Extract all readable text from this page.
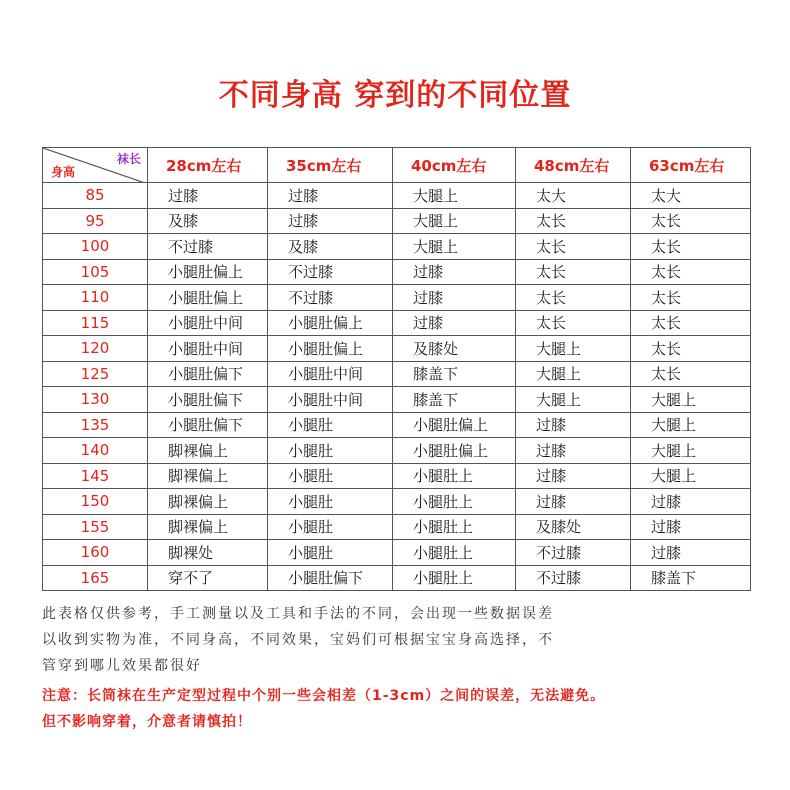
不同身高 穿到的不同位置
袜长
身高	28cm左右	35cm左右	40cm左右	48cm左右	63cm左右
85	过膝	过膝	大腿上	太大	太大
95	及膝	过膝	大腿上	太长	太长
100	不过膝	及膝	大腿上	太长	太长
105	小腿肚偏上	不过膝	过膝	太长	太长
110	小腿肚偏上	不过膝	过膝	太长	太长
115	小腿肚中间	小腿肚偏上	过膝	太长	太长
120	小腿肚中间	小腿肚偏上	及膝处	大腿上	太长
125	小腿肚偏下	小腿肚中间	膝盖下	大腿上	太长
130	小腿肚偏下	小腿肚中间	膝盖下	大腿上	大腿上
135	小腿肚偏下	小腿肚	小腿肚偏上	过膝	大腿上
140	脚裸偏上	小腿肚	小腿肚偏上	过膝	大腿上
145	脚裸偏上	小腿肚	小腿肚上	过膝	大腿上
150	脚裸偏上	小腿肚	小腿肚上	过膝	过膝
155	脚裸偏上	小腿肚	小腿肚上	及膝处	过膝
160	脚裸处	小腿肚	小腿肚上	不过膝	过膝
165	穿不了	小腿肚偏下	小腿肚上	不过膝	膝盖下
此表格仅供参考，手工测量以及工具和手法的不同，会出现一些数据误差
以收到实物为准，不同身高，不同效果，宝妈们可根据宝宝身高选择，不
管穿到哪儿效果都很好
注意：长筒袜在生产定型过程中个别一些会相差（1-3cm）之间的误差，无法避免。
但不影响穿着，介意者请慎拍！
